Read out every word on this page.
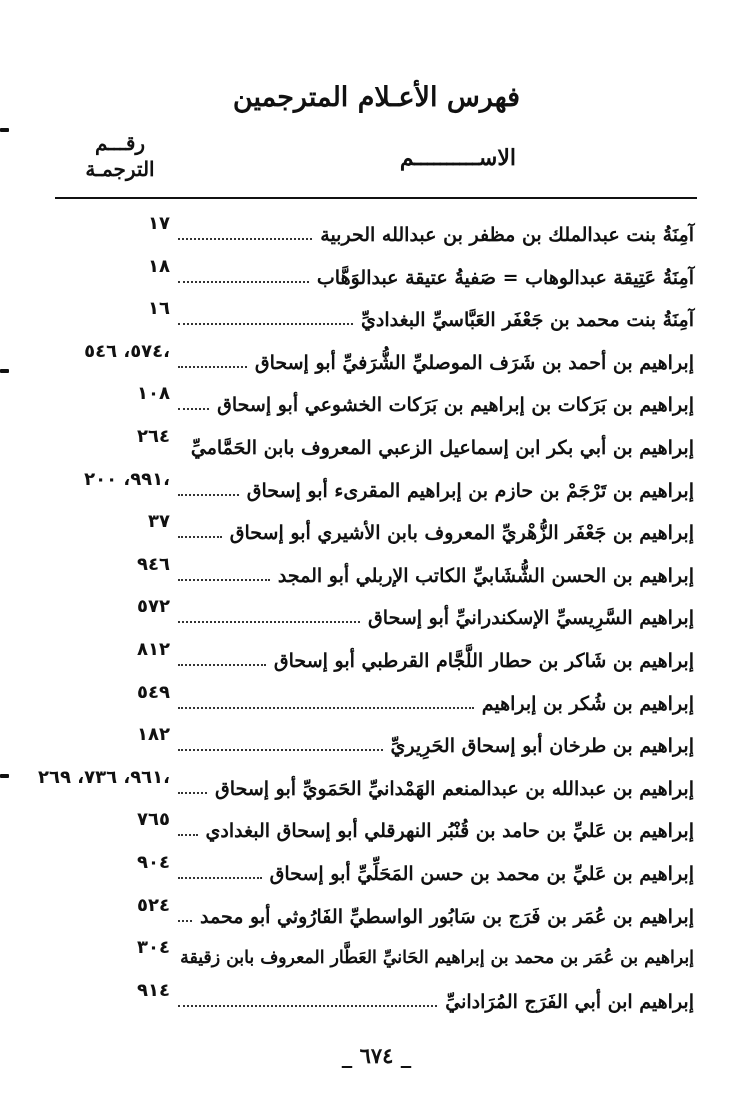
فهرس الأعـلام المترجمين
الاســــــــــم
رقـــم
الترجمـة
آمِنَةُ بنت عبدالملك بن مظفر بن عبدالله الحربية
١٧
آمِنَةُ عَتِيقة عبدالوهاب = صَفيةُ عتيقة عبدالوَهَّاب
١٨
آمِنَةُ بنت محمد بن جَعْفَر العَبَّاسيِّ البغداديِّ
١٦
إبراهيم بن أحمد بن شَرَف الموصليِّ الشُّرَفيِّ أبو إسحاق
٥٧٤، ٥٤٦،
إبراهيم بن بَرَكات بن إبراهيم بن بَرَكات الخشوعي أبو إسحاق
١٠٨
إبراهيم بن أبي بكر ابن إسماعيل الزعبي المعروف بابن الحَمَّاميِّ
٢٦٤
إبراهيم بن تَرْجَمْ بن حازم بن إبراهيم المقرىء أبو إسحاق
٩٩١، ٢٠٠،
إبراهيم بن جَعْفَر الزُّهْريِّ المعروف بابن الأشيري أبو إسحاق
٣٧
إبراهيم بن الحسن الشُّشَابيِّ الكاتب الإربلي أبو المجد
٩٤٦
إبراهيم السَّرِيسيِّ الإسكندرانيِّ أبو إسحاق
٥٧٢
إبراهيم بن شَاكر بن حطار اللَّجَّام القرطبي أبو إسحاق
٨١٢
إبراهيم بن شُكر بن إبراهيم
٥٤٩
إبراهيم بن طرخان أبو إسحاق الحَرِيريِّ
١٨٢
إبراهيم بن عبدالله بن عبدالمنعم الهَمْدانيِّ الحَمَويِّ أبو إسحاق
٩٦١، ٧٣٦، ٢٦٩،
إبراهيم بن عَليِّ بن حامد بن قُنْبُر النهرقلي أبو إسحاق البغدادي
٧٦٥
إبراهيم بن عَليِّ بن محمد بن حسن المَحَلِّيِّ أبو إسحاق
٩٠٤
إبراهيم بن عُمَر بن فَرَج بن سَابُور الواسطيِّ الفَارُوثي أبو محمد
٥٢٤
إبراهيم بن عُمَر بن محمد بن إبراهيم الحَانيِّ العَطَّار المعروف بابن زقيقة
٣٠٤
إبراهيم ابن أبي الفَرَج المُرَادانيِّ
٩١٤
_ ٦٧٤ _
